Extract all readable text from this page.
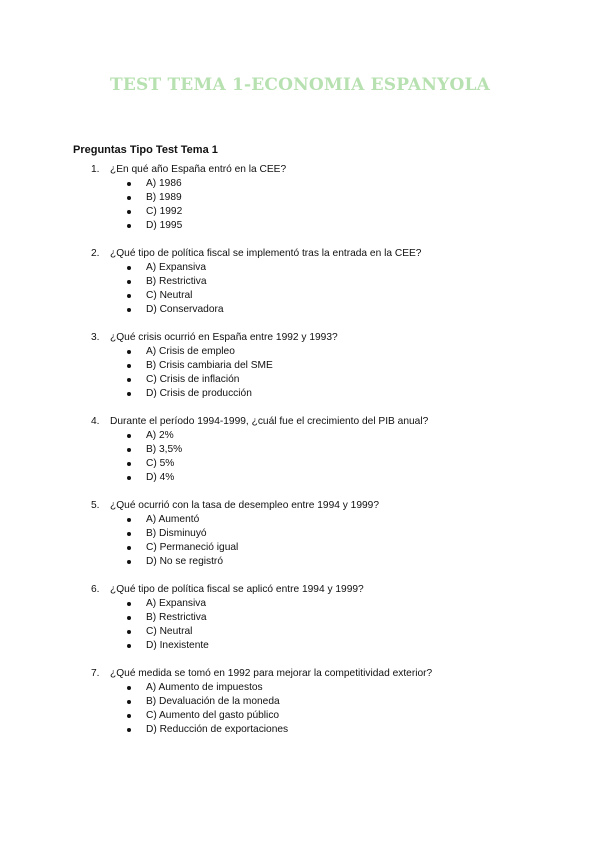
TEST TEMA 1-ECONOMIA ESPANYOLA
Preguntas Tipo Test Tema 1
1. ¿En qué año España entró en la CEE?
A) 1986
B) 1989
C) 1992
D) 1995
2. ¿Qué tipo de política fiscal se implementó tras la entrada en la CEE?
A) Expansiva
B) Restrictiva
C) Neutral
D) Conservadora
3. ¿Qué crisis ocurrió en España entre 1992 y 1993?
A) Crisis de empleo
B) Crisis cambiaria del SME
C) Crisis de inflación
D) Crisis de producción
4. Durante el período 1994-1999, ¿cuál fue el crecimiento del PIB anual?
A) 2%
B) 3,5%
C) 5%
D) 4%
5. ¿Qué ocurrió con la tasa de desempleo entre 1994 y 1999?
A) Aumentó
B) Disminuyó
C) Permaneció igual
D) No se registró
6. ¿Qué tipo de política fiscal se aplicó entre 1994 y 1999?
A) Expansiva
B) Restrictiva
C) Neutral
D) Inexistente
7. ¿Qué medida se tomó en 1992 para mejorar la competitividad exterior?
A) Aumento de impuestos
B) Devaluación de la moneda
C) Aumento del gasto público
D) Reducción de exportaciones
